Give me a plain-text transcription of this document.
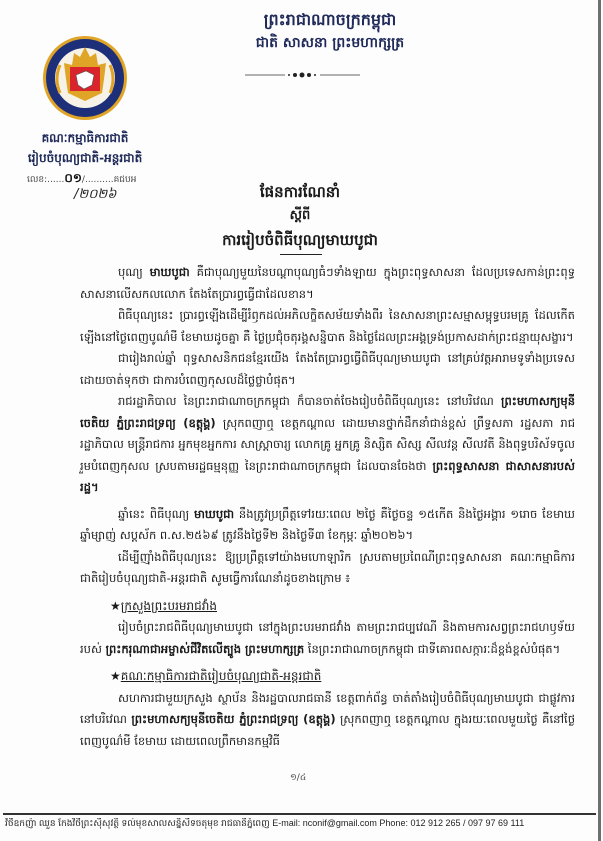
ព្រះរាជាណាចក្រកម្ពុជា
ជាតិ សាសនា ព្រះមហាក្សត្រ
គណៈកម្មាធិការជាតិ
រៀបចំបុណ្យជាតិ-អន្តរជាតិ
លេខ:......០១/..........គជបអ
/២០២៦	ផែនការណែនាំ
ស្តីពី
ការរៀបចំពិធីបុណ្យមាឃបូជា

បុណ្យ មាឃបូជា គឺជាបុណ្យមួយនៃបណ្ដាបុណ្យធំៗទាំងឡាយ ក្នុងព្រះពុទ្ធសាសនា ដែលប្រទេសកាន់ព្រះពុទ្ធសាសនាលើសកលលោក តែងតែប្រារព្ធធ្វើជាដែលខាន។

ពិធីបុណ្យនេះ ប្រារព្ធឡើងដើម្បីរំឭកដល់អភិលក្ខិតសម័យទាំងពីរ នៃសាសនាព្រះសម្មាសម្ពុទ្ធបរមគ្រូ ដែលកើតឡើងនៅថ្ងៃពេញបូណ៌មី ខែមាឃដូចគ្នា គឺ ថ្ងៃប្រជុំចតុរង្គសន្និបាត និងថ្ងៃដែលព្រះអង្គទ្រង់ប្រកាសដាក់ព្រះជន្មាយុសង្ខារ។

ជារៀងរាល់ឆ្នាំ ពុទ្ធសាសនិកជនខ្មែរយើង តែងតែប្រារព្ធធ្វើពិធីបុណ្យមាឃបូជា នៅគ្រប់វត្តអារាមទូទាំងប្រទេស ដោយចាត់ទុកថា ជាការបំពេញកុសលដ៏ថ្លៃថ្លាបំផុត។

រាជរដ្ឋាភិបាល នៃព្រះរាជាណាចក្រកម្ពុជា ក៏បានចាត់ចែងរៀបចំពិធីបុណ្យនេះ នៅបរិវេណ ព្រះមហាសក្យមុនីចេតិយ ភ្នំព្រះរាជទ្រព្យ (ឧត្តុង្គ) ស្រុកពញាឮ ខេត្តកណ្តាល ដោយមានថ្នាក់ដឹកនាំជាន់ខ្ពស់ ព្រឹទ្ធសភា រដ្ឋសភា រាជរដ្ឋាភិបាល មន្ត្រីរាជការ អ្នកមុខអ្នកការ សាស្ត្រាចារ្យ លោកគ្រូ អ្នកគ្រូ និស្សិត សិស្ស សីលវន្ត សីលវតី និងពុទ្ធបរិស័ទចូលរួមបំពេញកុសល ស្របតាមរដ្ឋធម្មនុញ្ញ នៃព្រះរាជាណាចក្រកម្ពុជា ដែលបានចែងថា ព្រះពុទ្ធសាសនា ជាសាសនារបស់រដ្ឋ។

ឆ្នាំនេះ ពិធីបុណ្យ មាឃបូជា នឹងត្រូវប្រព្រឹត្តទៅរយៈពេល ២ថ្ងៃ គឺថ្ងៃចន្ទ ១៥កើត និងថ្ងៃអង្គារ ១រោច ខែមាឃ ឆ្នាំម្សាញ់ សប្តស័ក ព.ស.២៥៦៩ ត្រូវនឹងថ្ងៃទី២ និងថ្ងៃទី៣ ខែកុម្ភៈ ឆ្នាំ២០២៦។

ដើម្បីញ៉ាំងពិធីបុណ្យនេះ ឱ្យប្រព្រឹត្តទៅយ៉ាងមហោឡារិក ស្របតាមប្រពៃណីព្រះពុទ្ធសាសនា គណៈកម្មាធិការជាតិរៀបចំបុណ្យជាតិ-អន្តរជាតិ សូមធ្វើការណែនាំដូចខាងក្រោម ៖

★ក្រសួងព្រះបរមរាជវាំង

រៀបចំព្រះរាជពិធីបុណ្យមាឃបូជា នៅក្នុងព្រះបរមរាជវាំង តាមព្រះរាជប្បវេណី និងតាមការសព្វព្រះរាជហឫទ័យរបស់ ព្រះករុណាជាអម្ចាស់ជីវិតលើត្បូង ព្រះមហាក្សត្រ នៃព្រះរាជាណាចក្រកម្ពុជា ជាទីគោរពសក្ការៈដ៏ខ្ពង់ខ្ពស់បំផុត។

★គណៈកម្មាធិការជាតិរៀបចំបុណ្យជាតិ-អន្តរជាតិ

សហការជាមួយក្រសួង ស្ថាប័ន និងរដ្ឋបាលរាជធានី ខេត្តពាក់ព័ន្ធ ចាត់តាំងរៀបចំពិធីបុណ្យមាឃបូជា ជាផ្លូវការនៅបរិវេណ ព្រះមហាសក្យមុនីចេតិយ ភ្នំព្រះរាជទ្រព្យ (ឧត្តុង្គ) ស្រុកពញាឮ ខេត្តកណ្តាល ក្នុងរយៈពេលមួយថ្ងៃ គឺនៅថ្ងៃពេញបូណ៌មី ខែមាឃ ដោយពេលព្រឹកមានកម្មវិធី

១/៤
វិថីឧកញ៉ា ឈួន កែងវិថីព្រះស៊ីសុវត្ថិ ទល់មុខសាលសន្និសីទចតុមុខ រាជធានីភ្នំពេញ E-mail: nconif@gmail.com Phone: 012 912 265 / 097 97 69 111
